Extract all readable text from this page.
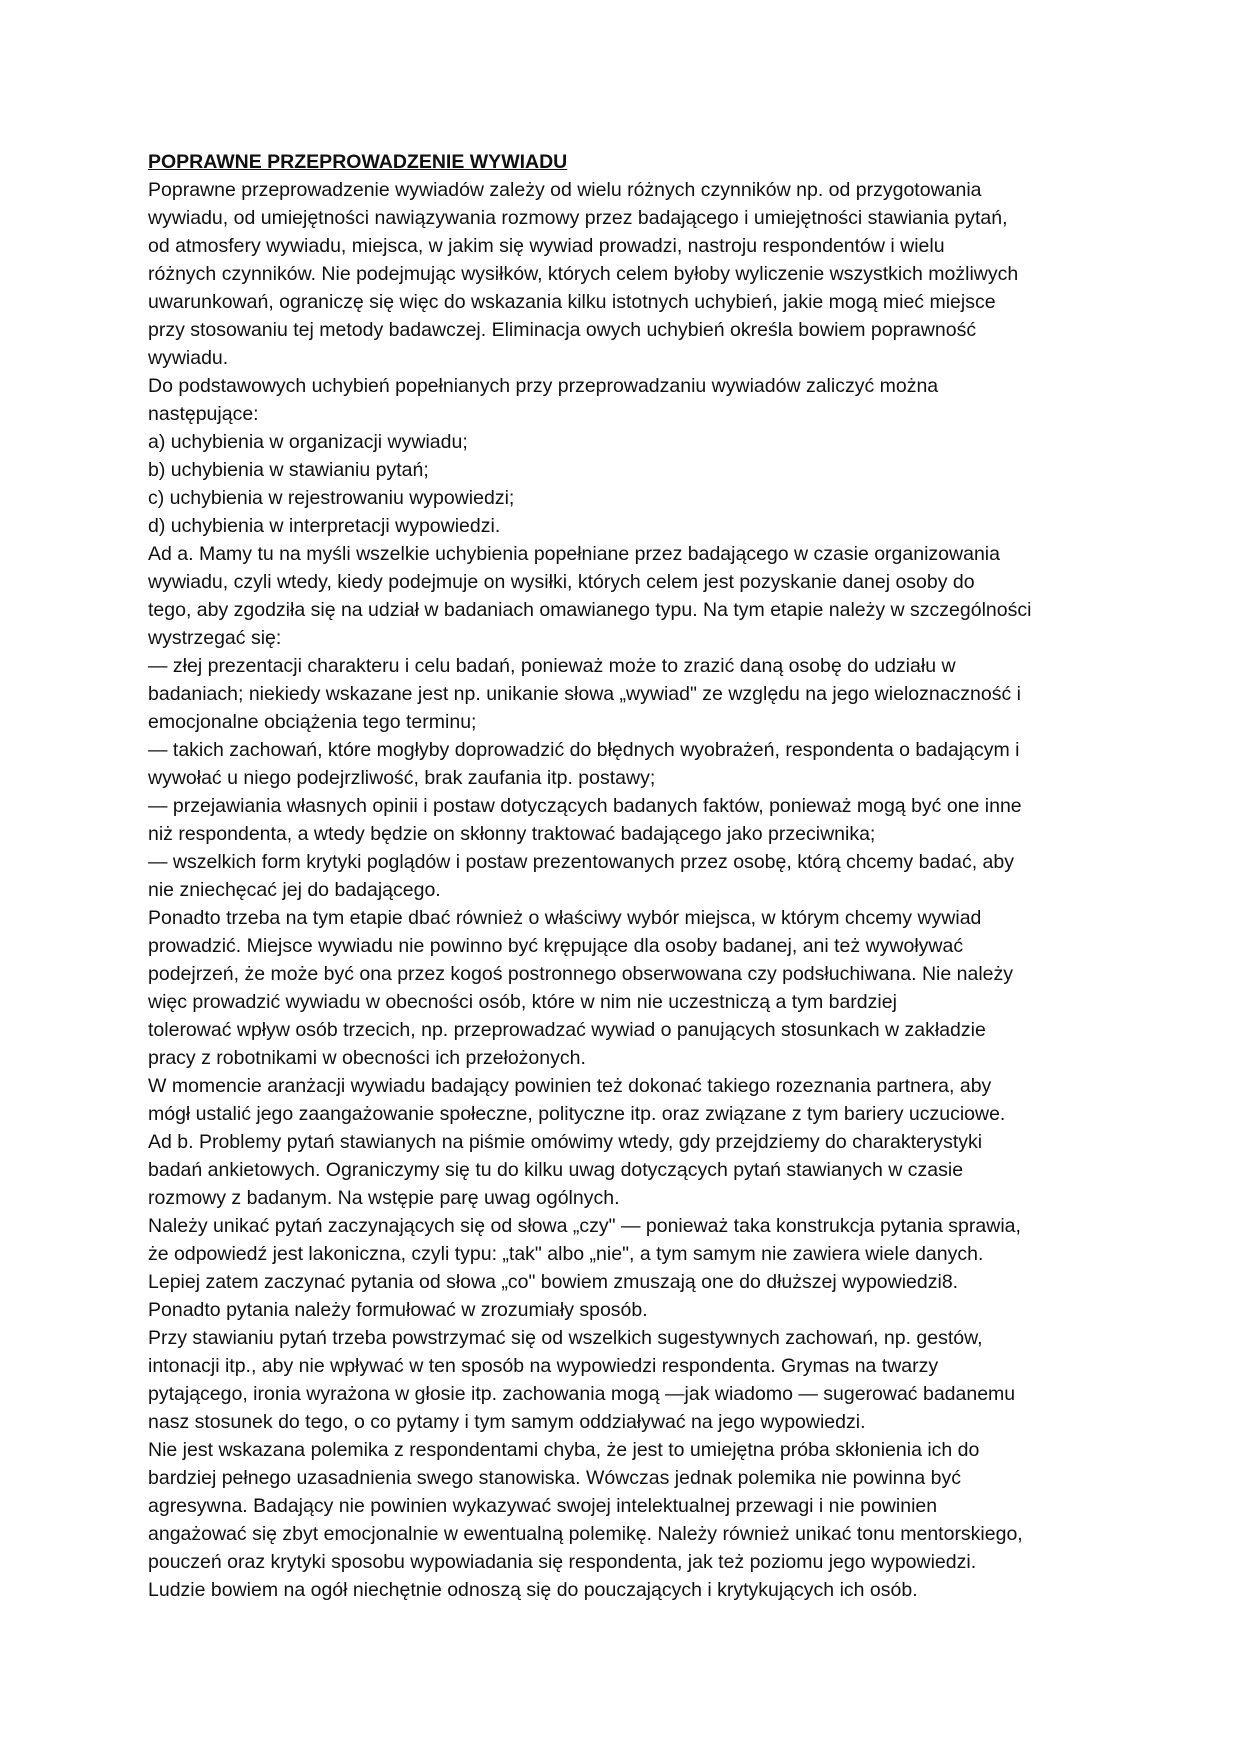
POPRAWNE PRZEPROWADZENIE WYWIADU

Poprawne przeprowadzenie wywiadów zależy od wielu różnych czynników np. od przygotowania

wywiadu, od umiejętności nawiązywania rozmowy przez badającego i umiejętności stawiania pytań,

od atmosfery wywiadu, miejsca, w jakim się wywiad prowadzi, nastroju respondentów i wielu

różnych czynników. Nie podejmując wysiłków, których celem byłoby wyliczenie wszystkich możliwych

uwarunkowań, ograniczę się więc do wskazania kilku istotnych uchybień, jakie mogą mieć miejsce

przy stosowaniu tej metody badawczej. Eliminacja owych uchybień określa bowiem poprawność

wywiadu.

Do podstawowych uchybień popełnianych przy przeprowadzaniu wywiadów zaliczyć można

następujące:

a) uchybienia w organizacji wywiadu;

b) uchybienia w stawianiu pytań;

c) uchybienia w rejestrowaniu wypowiedzi;

d) uchybienia w interpretacji wypowiedzi.

Ad a. Mamy tu na myśli wszelkie uchybienia popełniane przez badającego w czasie organizowania

wywiadu, czyli wtedy, kiedy podejmuje on wysiłki, których celem jest pozyskanie danej osoby do

tego, aby zgodziła się na udział w badaniach omawianego typu. Na tym etapie należy w szczególności

wystrzegać się:

— złej prezentacji charakteru i celu badań, ponieważ może to zrazić daną osobę do udziału w

badaniach; niekiedy wskazane jest np. unikanie słowa „wywiad" ze względu na jego wieloznaczność i

emocjonalne obciążenia tego terminu;

— takich zachowań, które mogłyby doprowadzić do błędnych wyobrażeń, respondenta o badającym i

wywołać u niego podejrzliwość, brak zaufania itp. postawy;

— przejawiania własnych opinii i postaw dotyczących badanych faktów, ponieważ mogą być one inne

niż respondenta, a wtedy będzie on skłonny traktować badającego jako przeciwnika;

— wszelkich form krytyki poglądów i postaw prezentowanych przez osobę, którą chcemy badać, aby

nie zniechęcać jej do badającego.

Ponadto trzeba na tym etapie dbać również o właściwy wybór miejsca, w którym chcemy wywiad

prowadzić. Miejsce wywiadu nie powinno być krępujące dla osoby badanej, ani też wywoływać

podejrzeń, że może być ona przez kogoś postronnego obserwowana czy podsłuchiwana. Nie należy

więc prowadzić wywiadu w obecności osób, które w nim nie uczestniczą a tym bardziej

tolerować wpływ osób trzecich, np. przeprowadzać wywiad o panujących stosunkach w zakładzie

pracy z robotnikami w obecności ich przełożonych.

W momencie aranżacji wywiadu badający powinien też dokonać takiego rozeznania partnera, aby

mógł ustalić jego zaangażowanie społeczne, polityczne itp. oraz związane z tym bariery uczuciowe.

Ad b. Problemy pytań stawianych na piśmie omówimy wtedy, gdy przejdziemy do charakterystyki

badań ankietowych. Ograniczymy się tu do kilku uwag dotyczących pytań stawianych w czasie

rozmowy z badanym. Na wstępie parę uwag ogólnych.

Należy unikać pytań zaczynających się od słowa „czy" — ponieważ taka konstrukcja pytania sprawia,

że odpowiedź jest lakoniczna, czyli typu: „tak" albo „nie", a tym samym nie zawiera wiele danych.

Lepiej zatem zaczynać pytania od słowa „co" bowiem zmuszają one do dłuższej wypowiedzi8.

Ponadto pytania należy formułować w zrozumiały sposób.

Przy stawianiu pytań trzeba powstrzymać się od wszelkich sugestywnych zachowań, np. gestów,

intonacji itp., aby nie wpływać w ten sposób na wypowiedzi respondenta. Grymas na twarzy

pytającego, ironia wyrażona w głosie itp. zachowania mogą —jak wiadomo — sugerować badanemu

nasz stosunek do tego, o co pytamy i tym samym oddziaływać na jego wypowiedzi.

Nie jest wskazana polemika z respondentami chyba, że jest to umiejętna próba skłonienia ich do

bardziej pełnego uzasadnienia swego stanowiska. Wówczas jednak polemika nie powinna być

agresywna. Badający nie powinien wykazywać swojej intelektualnej przewagi i nie powinien

angażować się zbyt emocjonalnie w ewentualną polemikę. Należy również unikać tonu mentorskiego,

pouczeń oraz krytyki sposobu wypowiadania się respondenta, jak też poziomu jego wypowiedzi.

Ludzie bowiem na ogół niechętnie odnoszą się do pouczających i krytykujących ich osób.
